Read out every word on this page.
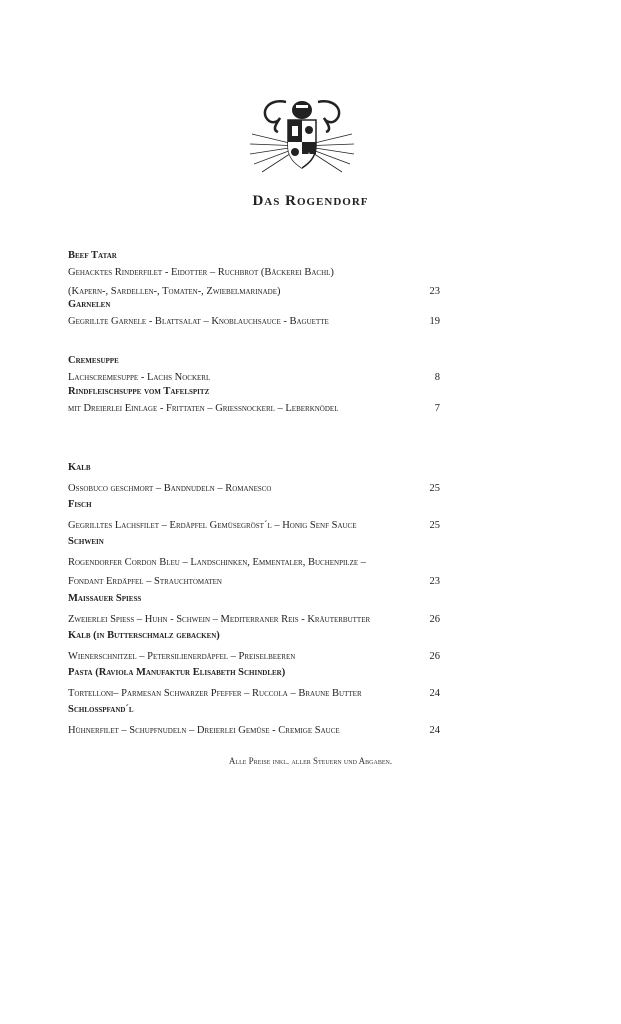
Das Rogendorf
Beef Tatar
Gehacktes Rinderfilet - Eidotter – Ruchbrot (Bäckerei Bachl)
(Kapern-, Sardellen-, Tomaten-, Zwiebelmarinade)	23
Garnelen
Gegrillte Garnele - Blattsalat – Knoblauchsauce - Baguette	19
Cremesuppe
Lachscremesuppe - Lachs Nockerl	8
Rindfleischsuppe vom Tafelspitz
mit Dreierlei Einlage - Frittaten – Griessnockerl – Leberknödel	7
Kalb
Ossobuco geschmort – Bandnudeln – Romanesco	25
Fisch
Gegrilltes Lachsfilet – Erdäpfel Gemüsegröst´l – Honig Senf Sauce	25
Schwein
Rogendorfer Cordon Bleu – Landschinken, Emmentaler, Buchenpilze –
Fondant Erdäpfel – Strauchtomaten	23
Maissauer Spiess
Zweierlei Spiess – Huhn - Schwein – Mediterraner Reis - Kräuterbutter	26
Kalb (in Butterschmalz gebacken)
Wienerschnitzel – Petersilienerdäpfel – Preiselbeeren	26
Pasta (Raviola Manufaktur Elisabeth Schindler)
Tortelloni– Parmesan Schwarzer Pfeffer – Ruccola – Braune Butter	24
Schlosspfand´l
Hühnerfilet – Schupfnudeln – Dreierlei Gemüse - Cremige Sauce	24
Alle Preise inkl. aller Steuern und Abgaben.
